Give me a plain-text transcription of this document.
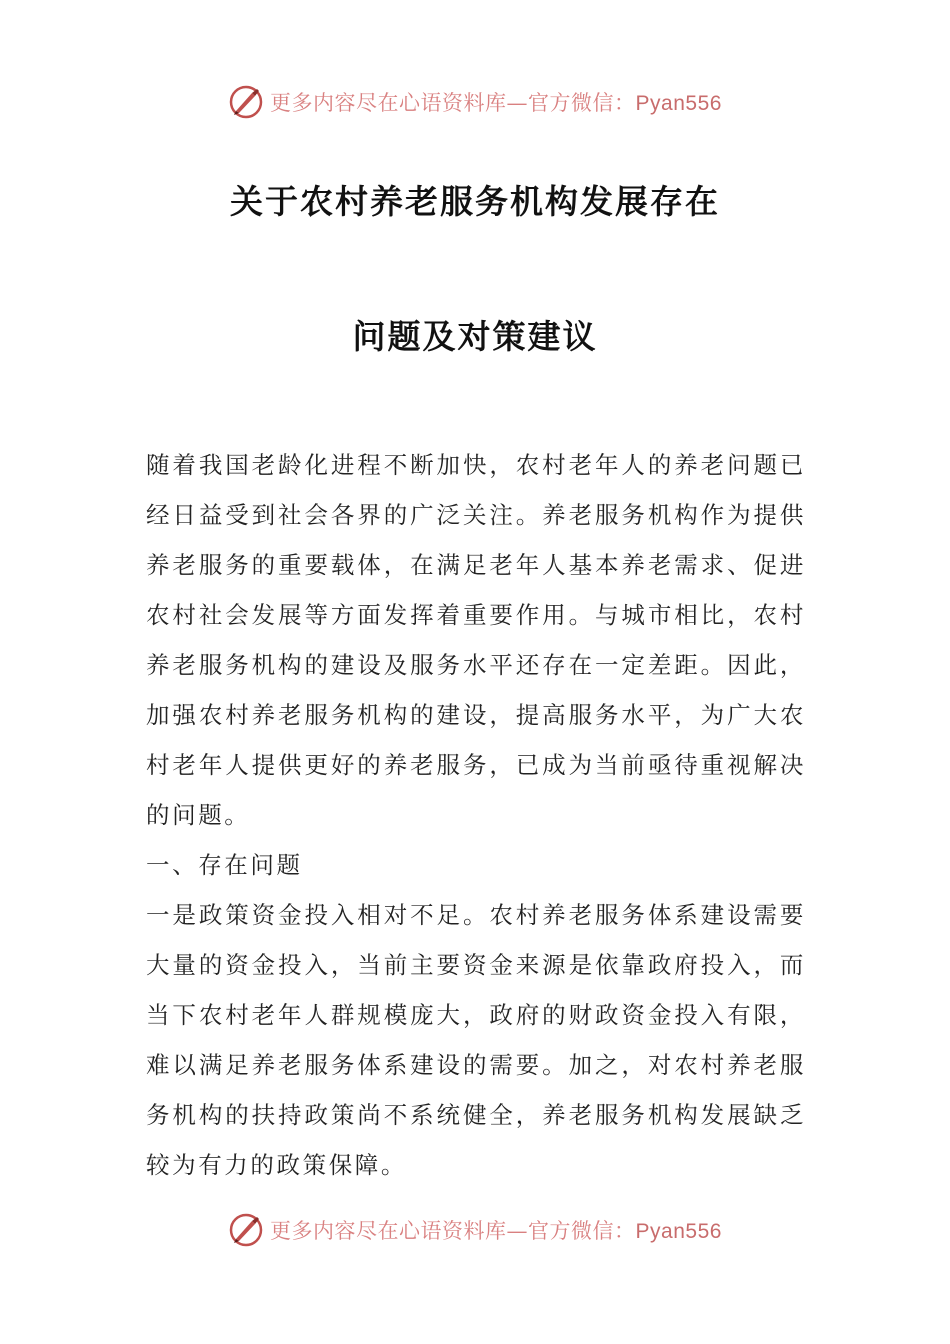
更多内容尽在心语资料库—官方微信：Pyan556
关于农村养老服务机构发展存在
问题及对策建议

随着我国老龄化进程不断加快，农村老年人的养老问题已经日益受到社会各界的广泛关注。养老服务机构作为提供养老服务的重要载体，在满足老年人基本养老需求、促进农村社会发展等方面发挥着重要作用。与城市相比，农村养老服务机构的建设及服务水平还存在一定差距。因此，加强农村养老服务机构的建设，提高服务水平，为广大农村老年人提供更好的养老服务，已成为当前亟待重视解决的问题。

一、存在问题

一是政策资金投入相对不足。农村养老服务体系建设需要大量的资金投入，当前主要资金来源是依靠政府投入，而当下农村老年人群规模庞大，政府的财政资金投入有限，难以满足养老服务体系建设的需要。加之，对农村养老服务机构的扶持政策尚不系统健全，养老服务机构发展缺乏较为有力的政策保障。

更多内容尽在心语资料库—官方微信：Pyan556
